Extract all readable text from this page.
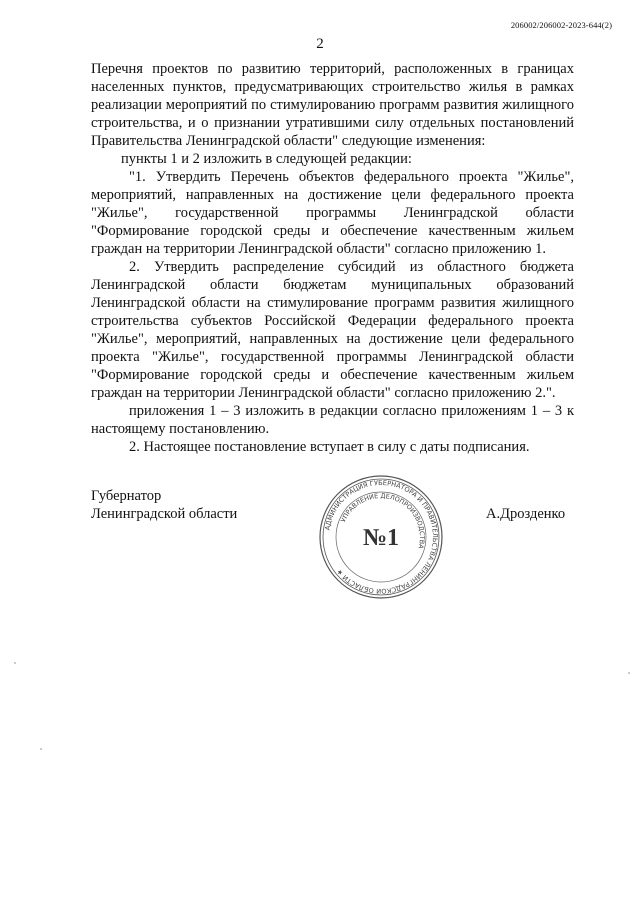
206002/206002-2023-644(2)
2

Перечня проектов по развитию территорий, расположенных в границах населенных пунктов, предусматривающих строительство жилья в рамках реализации мероприятий по стимулированию программ развития жилищного строительства, и о признании утратившими силу отдельных постановлений Правительства Ленинградской области" следующие изменения:

пункты 1 и 2 изложить в следующей редакции:

"1. Утвердить Перечень объектов федерального проекта "Жилье", мероприятий, направленных на достижение цели федерального проекта "Жилье", государственной программы Ленинградской области "Формирование городской среды и обеспечение качественным жильем граждан на территории Ленинградской области" согласно приложению 1.

2. Утвердить распределение субсидий из областного бюджета Ленинградской области бюджетам муниципальных образований Ленинградской области на стимулирование программ развития жилищного строительства субъектов Российской Федерации федерального проекта "Жилье", мероприятий, направленных на достижение цели федерального проекта "Жилье", государственной программы Ленинградской области "Формирование городской среды и обеспечение качественным жильем граждан на территории Ленинградской области" согласно приложению 2.".

приложения 1 – 3 изложить в редакции согласно приложениям 1 – 3 к настоящему постановлению.

2. Настоящее постановление вступает в силу с даты подписания.

Губернатор
Ленинградской области
АДМИНИСТРАЦИЯ ГУБЕРНАТОРА И ПРАВИТЕЛЬСТВА ЛЕНИНГРАДСКОЙ ОБЛАСТИ ★
УПРАВЛЕНИЕ ДЕЛОПРОИЗВОДСТВА
№1
А.Дрозденко
